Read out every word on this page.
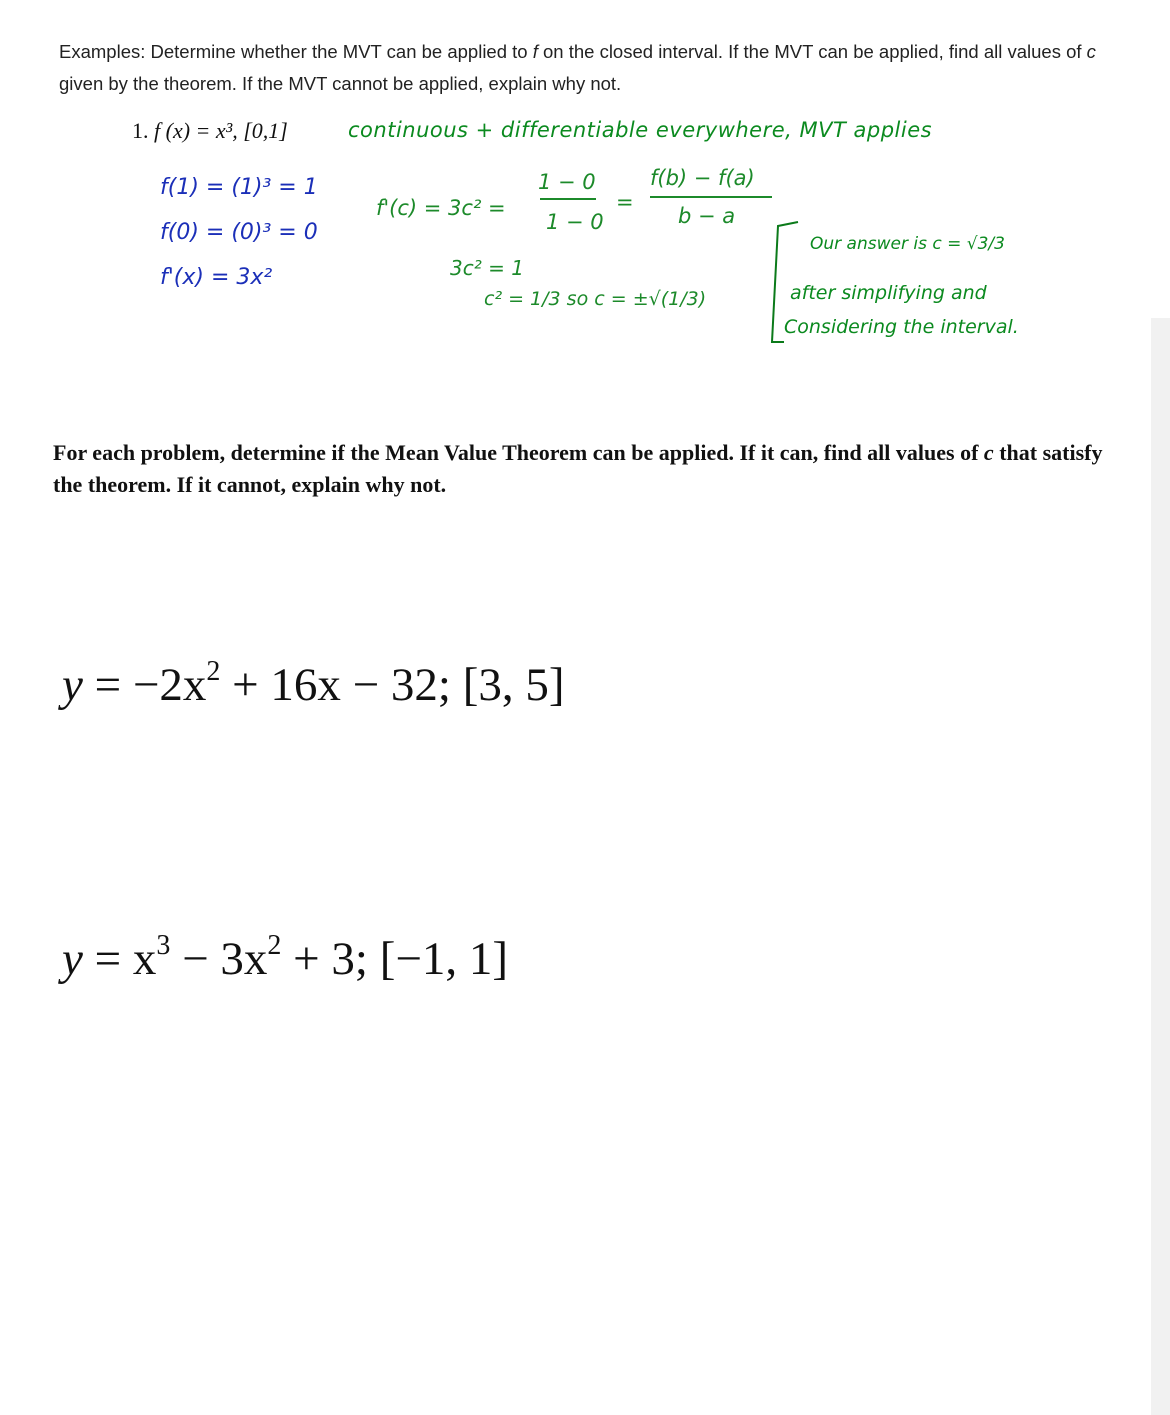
Examples: Determine whether the MVT can be applied to f on the closed interval. If the MVT can be applied, find all values of c given by the theorem. If the MVT cannot be applied, explain why not.
1. f (x) = x³, [0,1]	continuous + differentiable everywhere, MVT applies
f(1) = (1)³ = 1
f(0) = (0)³ = 0
f'(x) = 3x²
f'(c) = 3c² =
1 − 0
1 − 0
=
f(b) − f(a)
b − a
3c² = 1
c² = 1/3 so c = ±√(1/3)
Our answer is c = √3/3
after simplifying and
Considering the interval.
For each problem, determine if the Mean Value Theorem can be applied. If it can, find all values of c that satisfy the theorem. If it cannot, explain why not.
$y = -2x^2 + 16x - 32$; [3, 5]
$y = x^3 - 3x^2 + 3$; [−1, 1]
